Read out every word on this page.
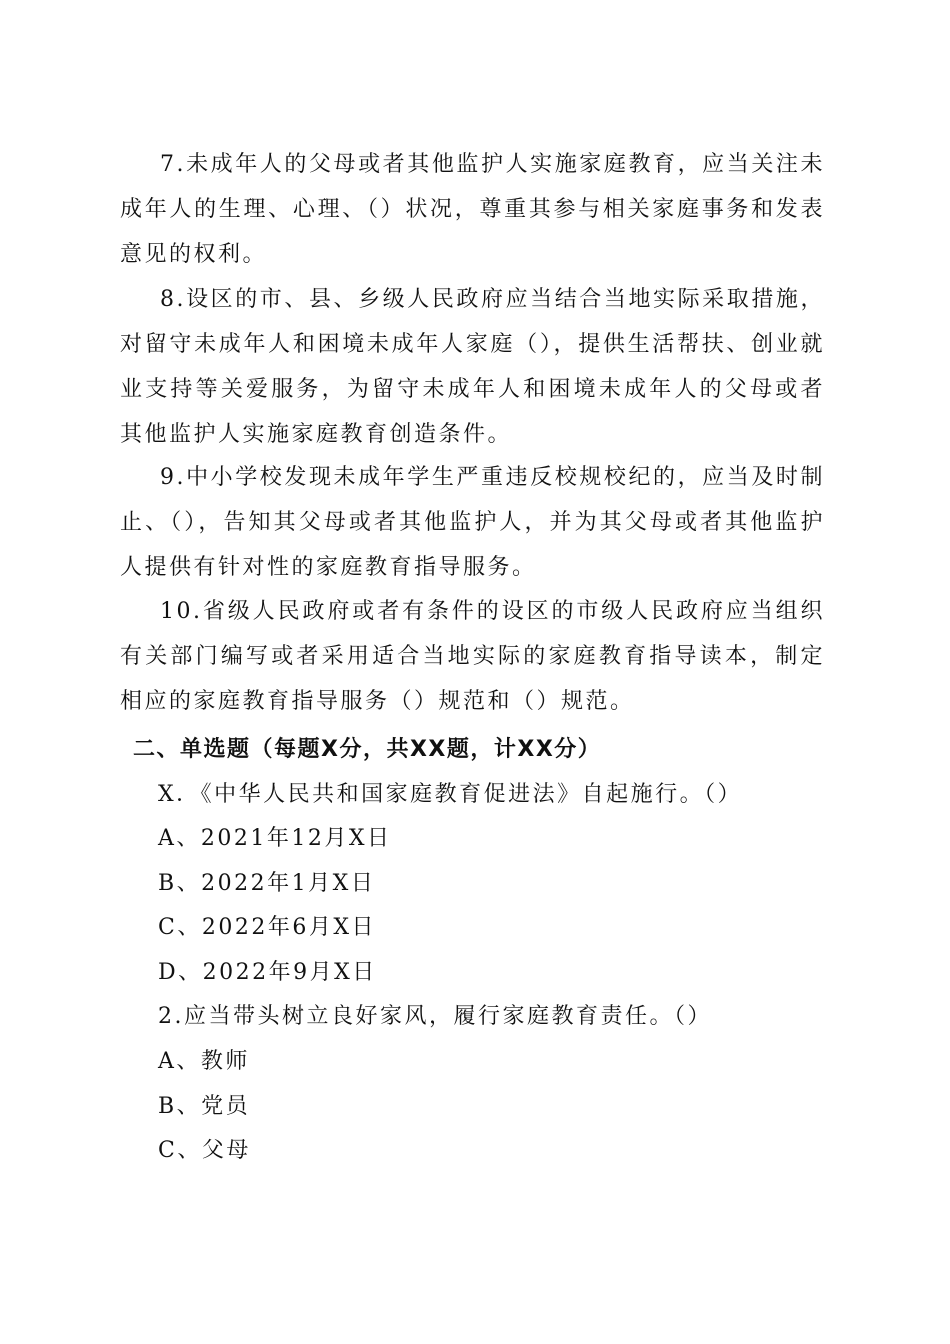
7.未成年人的父母或者其他监护人实施家庭教育，应当关注未成年人的生理、心理、（）状况，尊重其参与相关家庭事务和发表意见的权利。

8.设区的市、县、乡级人民政府应当结合当地实际采取措施，对留守未成年人和困境未成年人家庭（），提供生活帮扶、创业就业支持等关爱服务，为留守未成年人和困境未成年人的父母或者其他监护人实施家庭教育创造条件。

9.中小学校发现未成年学生严重违反校规校纪的，应当及时制止、（），告知其父母或者其他监护人，并为其父母或者其他监护人提供有针对性的家庭教育指导服务。

10.省级人民政府或者有条件的设区的市级人民政府应当组织有关部门编写或者采用适合当地实际的家庭教育指导读本，制定相应的家庭教育指导服务（）规范和（）规范。

二、单选题（每题X分，共XX题，计XX分）

X．《中华人民共和国家庭教育促进法》自起施行。（）

A、2021年12月X日

B、2022年1月X日

C、2022年6月X日

D、2022年9月X日

2.应当带头树立良好家风，履行家庭教育责任。（）

A、教师

B、党员

C、父母
